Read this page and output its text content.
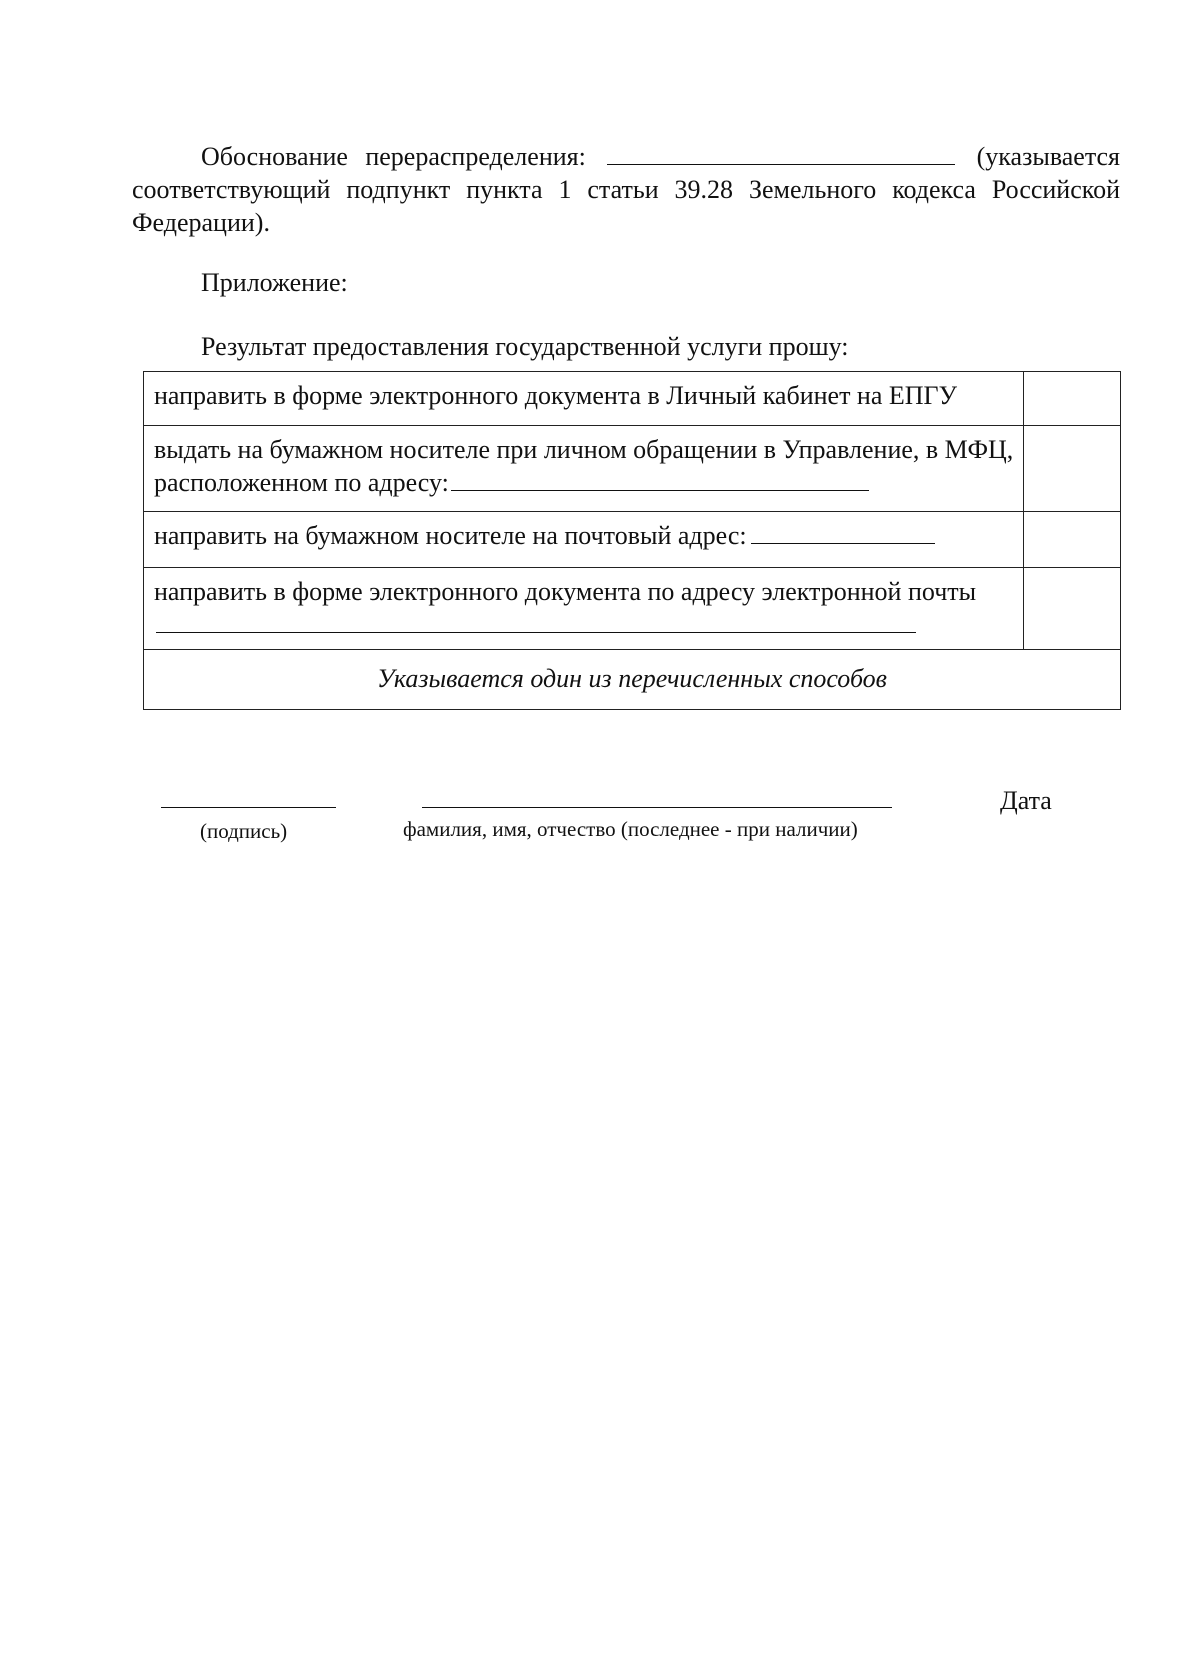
Обоснование перераспределения:	(указывается соответствующий подпункт пункта 1 статьи 39.28 Земельного кодекса Российской Федерации).
Приложение:
Результат предоставления государственной услуги прошу:
направить в форме электронного документа в Личный кабинет на ЕПГУ	
выдать на бумажном носителе при личном обращении в Управление, в МФЦ, расположенном по адресу:	
направить на бумажном носителе на почтовый адрес:	
направить в форме электронного документа по адресу электронной почты	
Указывается один из перечисленных способов	
(подпись)	фамилия, имя, отчество (последнее - при наличии)
Дата
